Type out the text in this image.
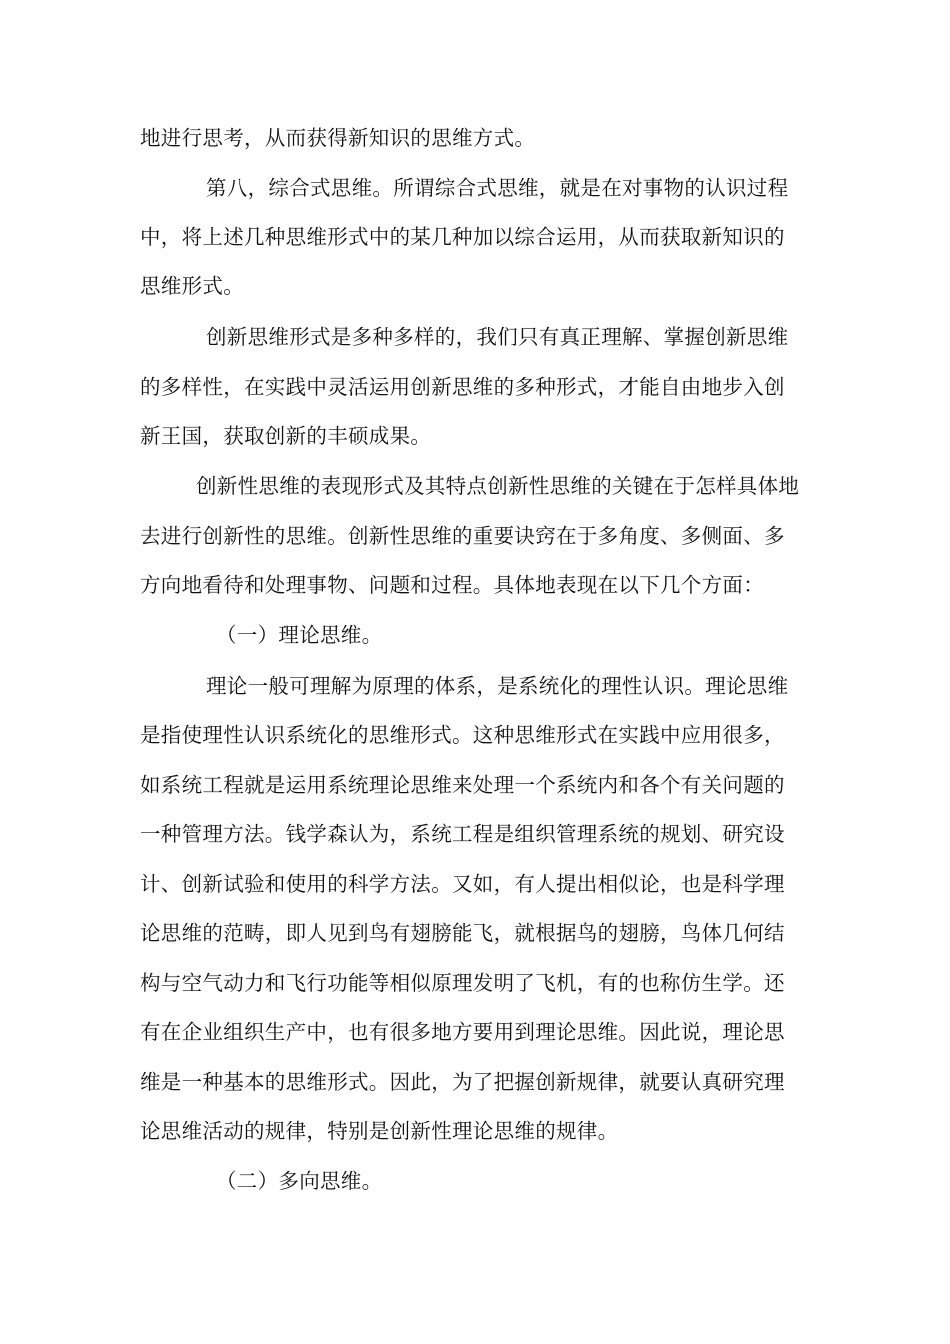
地进行思考，从而获得新知识的思维方式。
第八，综合式思维。所谓综合式思维，就是在对事物的认识过程
中，将上述几种思维形式中的某几种加以综合运用，从而获取新知识的
思维形式。
创新思维形式是多种多样的，我们只有真正理解、掌握创新思维
的多样性，在实践中灵活运用创新思维的多种形式，才能自由地步入创
新王国，获取创新的丰硕成果。
创新性思维的表现形式及其特点创新性思维的关键在于怎样具体地
去进行创新性的思维。创新性思维的重要诀窍在于多角度、多侧面、多
方向地看待和处理事物、问题和过程。具体地表现在以下几个方面：
（一）理论思维。
理论一般可理解为原理的体系，是系统化的理性认识。理论思维
是指使理性认识系统化的思维形式。这种思维形式在实践中应用很多，
如系统工程就是运用系统理论思维来处理一个系统内和各个有关问题的
一种管理方法。钱学森认为，系统工程是组织管理系统的规划、研究设
计、创新试验和使用的科学方法。又如，有人提出相似论，也是科学理
论思维的范畴，即人见到鸟有翅膀能飞，就根据鸟的翅膀，鸟体几何结
构与空气动力和飞行功能等相似原理发明了飞机，有的也称仿生学。还
有在企业组织生产中，也有很多地方要用到理论思维。因此说，理论思
维是一种基本的思维形式。因此，为了把握创新规律，就要认真研究理
论思维活动的规律，特别是创新性理论思维的规律。
（二）多向思维。
